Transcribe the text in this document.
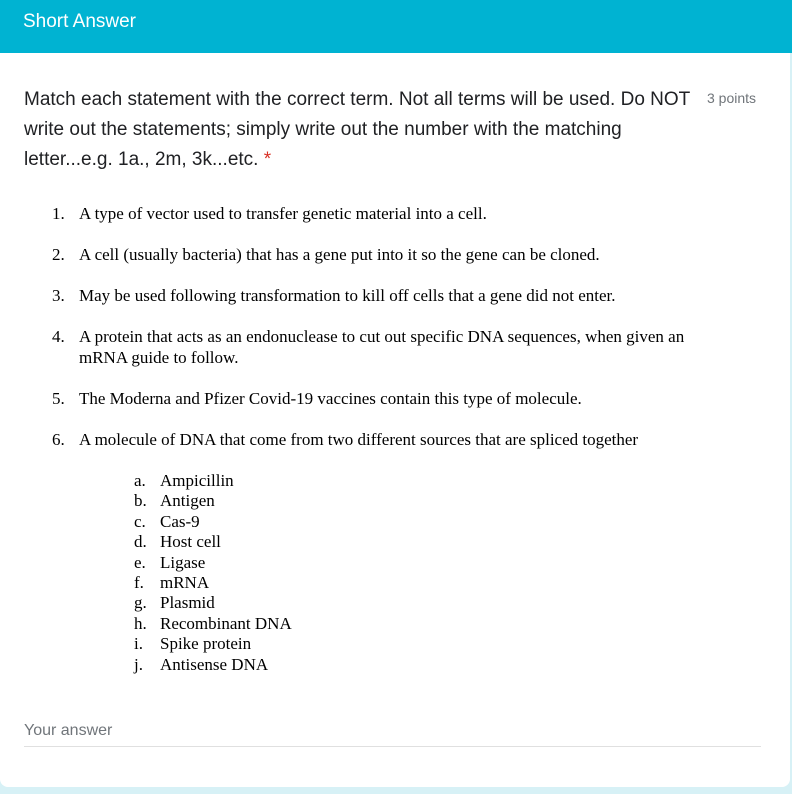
Short Answer
Match each statement with the correct term. Not all terms will be used. Do NOT write out the statements; simply write out the number with the matching letter...e.g. 1a., 2m, 3k...etc. *
3 points
1. A type of vector used to transfer genetic material into a cell.
2. A cell (usually bacteria) that has a gene put into it so the gene can be cloned.
3. May be used following transformation to kill off cells that a gene did not enter.
4. A protein that acts as an endonuclease to cut out specific DNA sequences, when given an mRNA guide to follow.
5. The Moderna and Pfizer Covid-19 vaccines contain this type of molecule.
6. A molecule of DNA that come from two different sources that are spliced together
a. Ampicillin
b. Antigen
c. Cas-9
d. Host cell
e. Ligase
f. mRNA
g. Plasmid
h. Recombinant DNA
i.	Spike protein
j.	Antisense DNA
Your answer
